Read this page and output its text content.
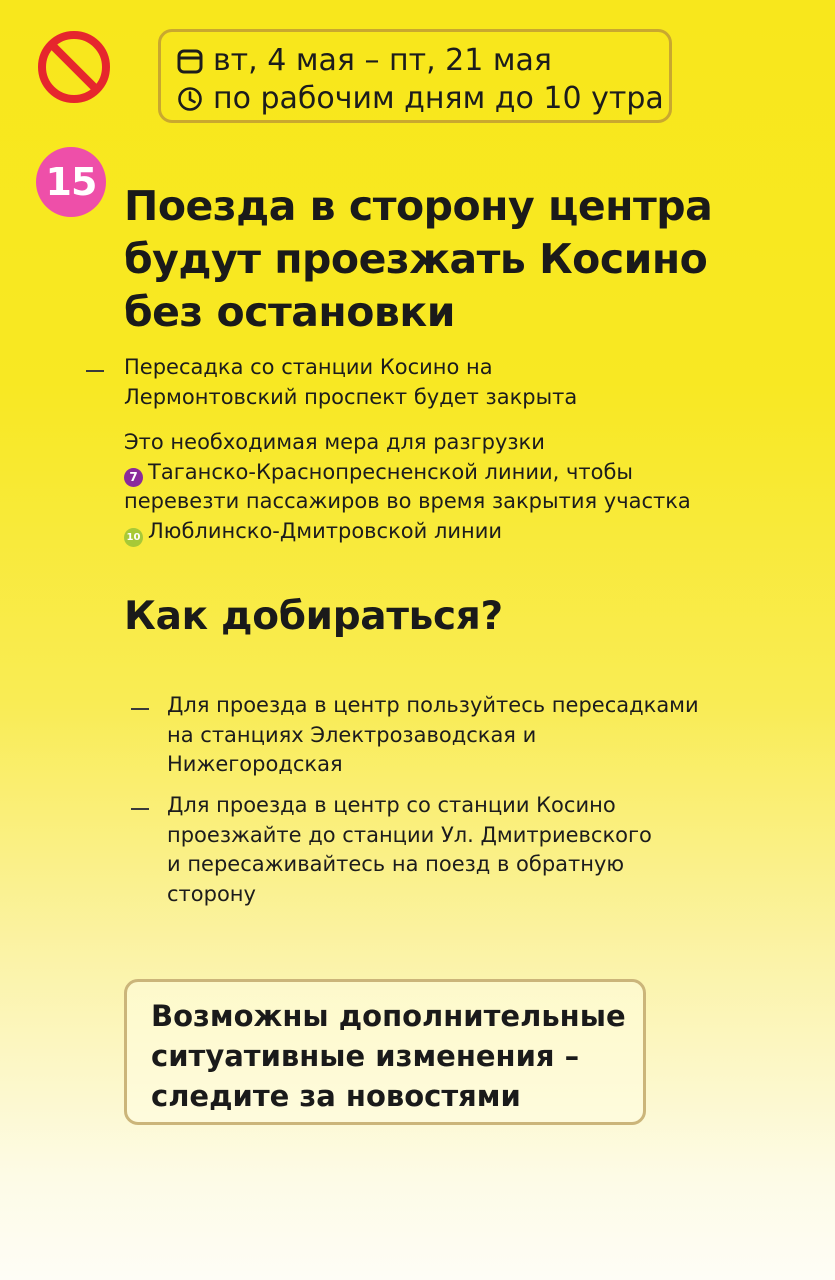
вт, 4 мая – пт, 21 мая
по рабочим дням до 10 утра
15 Поезда в сторону центра будут проезжать Косино без остановки
Пересадка со станции Косино на Лермонтовский проспект будет закрыта
Это необходимая мера для разгрузки
7 Таганско-Краснопресненской линии, чтобы
перевезти пассажиров во время закрытия участка
10 Люблинско-Дмитровской линии
Как добираться?
Для проезда в центр пользуйтесь пересадками на станциях Электрозаводская и Нижегородская
Для проезда в центр со станции Косино проезжайте до станции Ул. Дмитриевского и пересаживайтесь на поезд в обратную сторону

Возможны дополнительные ситуативные изменения – следите за новостями
